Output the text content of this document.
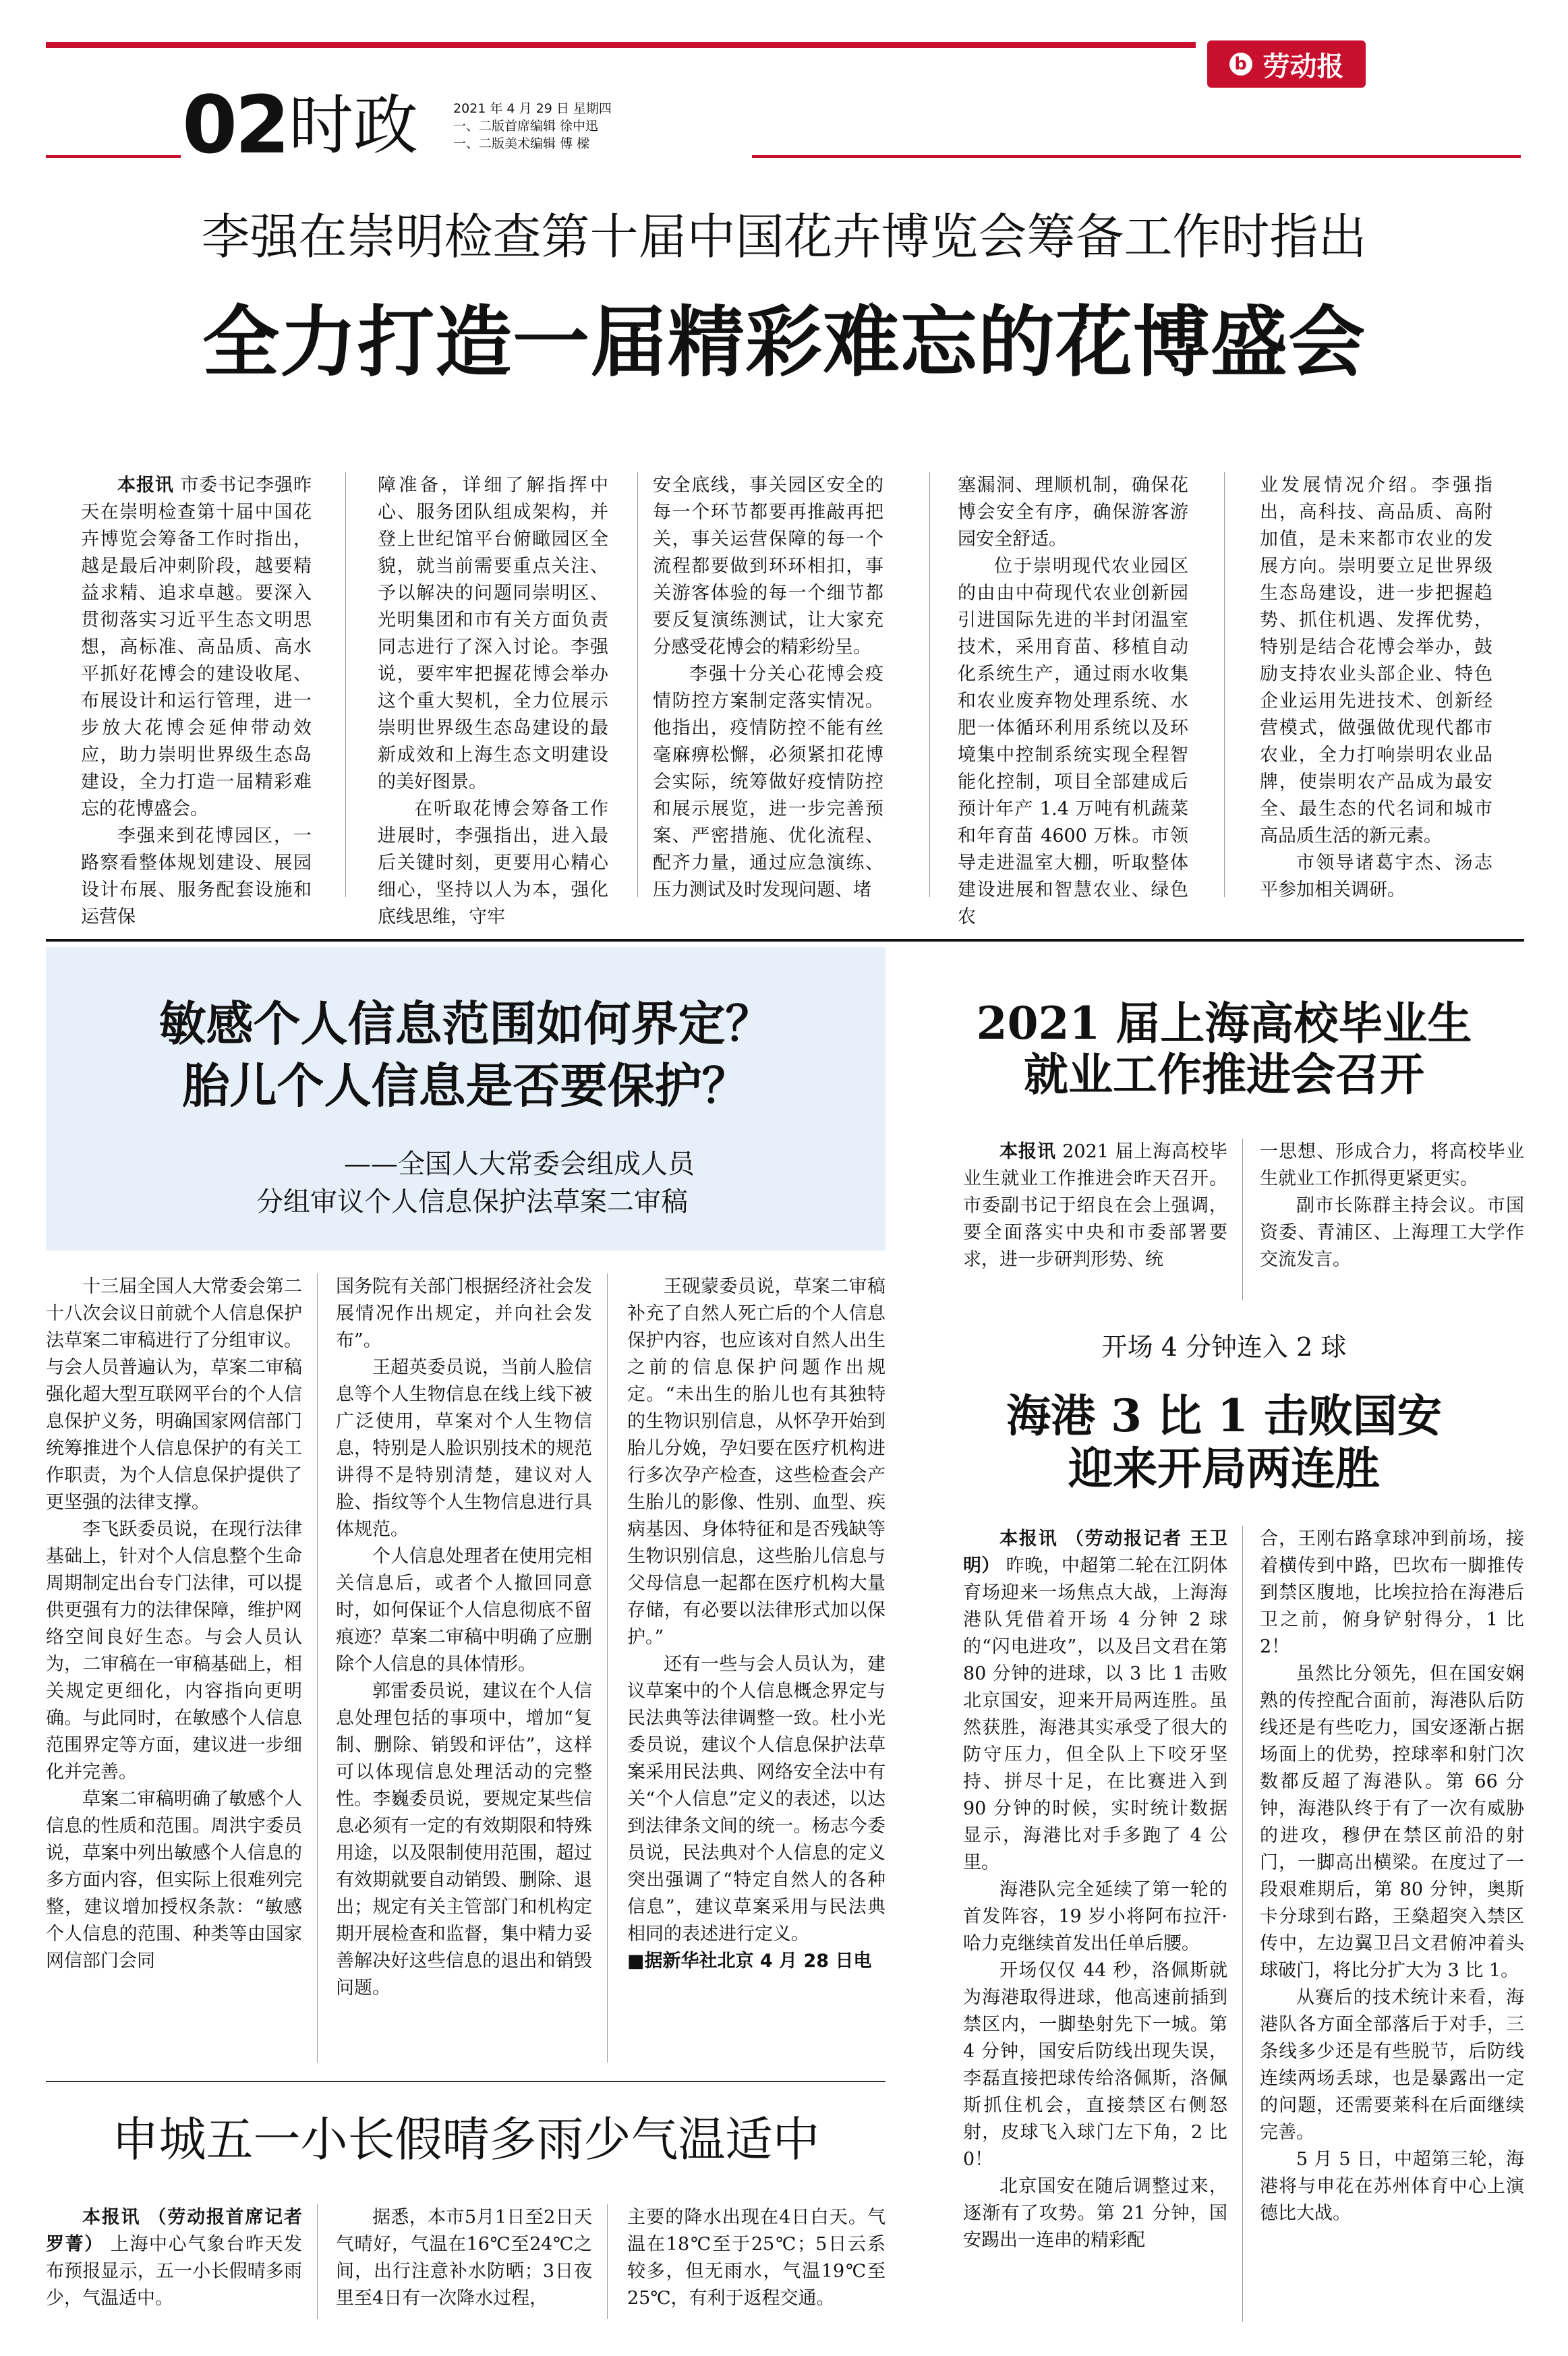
b 劳动报
02 时政	2021 年 4 月 29 日 星期四
一、二版首席编辑 徐中迅
一、二版美术编辑 傅 樑
李强在崇明检查第十届中国花卉博览会筹备工作时指出
全力打造一届精彩难忘的花博盛会

本报讯 市委书记李强昨天在崇明检查第十届中国花卉博览会筹备工作时指出，越是最后冲刺阶段，越要精益求精、追求卓越。要深入贯彻落实习近平生态文明思想，高标准、高品质、高水平抓好花博会的建设收尾、布展设计和运行管理，进一步放大花博会延伸带动效应，助力崇明世界级生态岛建设，全力打造一届精彩难忘的花博盛会。

李强来到花博园区，一路察看整体规划建设、展园设计布展、服务配套设施和运营保

障准备，详细了解指挥中心、服务团队组成架构，并登上世纪馆平台俯瞰园区全貌，就当前需要重点关注、予以解决的问题同崇明区、光明集团和市有关方面负责同志进行了深入讨论。李强说，要牢牢把握花博会举办这个重大契机，全力位展示崇明世界级生态岛建设的最新成效和上海生态文明建设的美好图景。

在听取花博会筹备工作进展时，李强指出，进入最后关键时刻，更要用心精心细心，坚持以人为本，强化底线思维，守牢

安全底线，事关园区安全的每一个环节都要再推敲再把关，事关运营保障的每一个流程都要做到环环相扣，事关游客体验的每一个细节都要反复演练测试，让大家充分感受花博会的精彩纷呈。

李强十分关心花博会疫情防控方案制定落实情况。他指出，疫情防控不能有丝毫麻痹松懈，必须紧扣花博会实际，统筹做好疫情防控和展示展览，进一步完善预案、严密措施、优化流程、配齐力量，通过应急演练、压力测试及时发现问题、堵

塞漏洞、理顺机制，确保花博会安全有序，确保游客游园安全舒适。

位于崇明现代农业园区的由由中荷现代农业创新园引进国际先进的半封闭温室技术，采用育苗、移植自动化系统生产，通过雨水收集和农业废弃物处理系统、水肥一体循环利用系统以及环境集中控制系统实现全程智能化控制，项目全部建成后预计年产 1.4 万吨有机蔬菜和年育苗 4600 万株。市领导走进温室大棚，听取整体建设进展和智慧农业、绿色农

业发展情况介绍。李强指出，高科技、高品质、高附加值，是未来都市农业的发展方向。崇明要立足世界级生态岛建设，进一步把握趋势、抓住机遇、发挥优势，特别是结合花博会举办，鼓励支持农业头部企业、特色企业运用先进技术、创新经营模式，做强做优现代都市农业，全力打响崇明农业品牌，使崇明农产品成为最安全、最生态的代名词和城市高品质生活的新元素。

市领导诸葛宇杰、汤志平参加相关调研。

敏感个人信息范围如何界定？
胎儿个人信息是否要保护？
——全国人大常委会组成人员
分组审议个人信息保护法草案二审稿

十三届全国人大常委会第二十八次会议日前就个人信息保护法草案二审稿进行了分组审议。与会人员普遍认为，草案二审稿强化超大型互联网平台的个人信息保护义务，明确国家网信部门统筹推进个人信息保护的有关工作职责，为个人信息保护提供了更坚强的法律支撑。

李飞跃委员说，在现行法律基础上，针对个人信息整个生命周期制定出台专门法律，可以提供更强有力的法律保障，维护网络空间良好生态。与会人员认为，二审稿在一审稿基础上，相关规定更细化，内容指向更明确。与此同时，在敏感个人信息范围界定等方面，建议进一步细化并完善。

草案二审稿明确了敏感个人信息的性质和范围。周洪宇委员说，草案中列出敏感个人信息的多方面内容，但实际上很难列完整，建议增加授权条款：“敏感个人信息的范围、种类等由国家网信部门会同

国务院有关部门根据经济社会发展情况作出规定，并向社会发布”。

王超英委员说，当前人脸信息等个人生物信息在线上线下被广泛使用，草案对个人生物信息，特别是人脸识别技术的规范讲得不是特别清楚，建议对人脸、指纹等个人生物信息进行具体规范。

个人信息处理者在使用完相关信息后，或者个人撤回同意时，如何保证个人信息彻底不留痕迹？草案二审稿中明确了应删除个人信息的具体情形。

郭雷委员说，建议在个人信息处理包括的事项中，增加“复制、删除、销毁和评估”，这样可以体现信息处理活动的完整性。李巍委员说，要规定某些信息必须有一定的有效期限和特殊用途，以及限制使用范围，超过有效期就要自动销毁、删除、退出；规定有关主管部门和机构定期开展检查和监督，集中精力妥善解决好这些信息的退出和销毁问题。

王砚蒙委员说，草案二审稿补充了自然人死亡后的个人信息保护内容，也应该对自然人出生之前的信息保护问题作出规定。“未出生的胎儿也有其独特的生物识别信息，从怀孕开始到胎儿分娩，孕妇要在医疗机构进行多次孕产检查，这些检查会产生胎儿的影像、性别、血型、疾病基因、身体特征和是否残缺等生物识别信息，这些胎儿信息与父母信息一起都在医疗机构大量存储，有必要以法律形式加以保护。”

还有一些与会人员认为，建议草案中的个人信息概念界定与民法典等法律调整一致。杜小光委员说，建议个人信息保护法草案采用民法典、网络安全法中有关“个人信息”定义的表述，以达到法律条文间的统一。杨志今委员说，民法典对个人信息的定义突出强调了“特定自然人的各种信息”，建议草案采用与民法典相同的表述进行定义。

■据新华社北京 4 月 28 日电

申城五一小长假晴多雨少气温适中

本报讯 （劳动报首席记者 罗菁） 上海中心气象台昨天发布预报显示，五一小长假晴多雨少，气温适中。

据悉，本市5月1日至2日天气晴好，气温在16℃至24℃之间，出行注意补水防晒；3日夜里至4日有一次降水过程，

主要的降水出现在4日白天。气温在18℃至于25℃；5日云系较多，但无雨水，气温19℃至25℃，有利于返程交通。

2021 届上海高校毕业生
就业工作推进会召开

本报讯 2021 届上海高校毕业生就业工作推进会昨天召开。市委副书记于绍良在会上强调，要全面落实中央和市委部署要求，进一步研判形势、统

一思想、形成合力，将高校毕业生就业工作抓得更紧更实。

副市长陈群主持会议。市国资委、青浦区、上海理工大学作交流发言。

开场 4 分钟连入 2 球
海港 3 比 1 击败国安
迎来开局两连胜

本报讯 （劳动报记者 王卫明） 昨晚，中超第二轮在江阴体育场迎来一场焦点大战，上海海港队凭借着开场 4 分钟 2 球的“闪电进攻”，以及吕文君在第 80 分钟的进球，以 3 比 1 击败北京国安，迎来开局两连胜。虽然获胜，海港其实承受了很大的防守压力，但全队上下咬牙坚持、拼尽十足，在比赛进入到 90 分钟的时候，实时统计数据显示，海港比对手多跑了 4 公里。

海港队完全延续了第一轮的首发阵容，19 岁小将阿布拉汗·哈力克继续首发出任单后腰。

开场仅仅 44 秒，洛佩斯就为海港取得进球，他高速前插到禁区内，一脚垫射先下一城。第 4 分钟，国安后防线出现失误，李磊直接把球传给洛佩斯，洛佩斯抓住机会，直接禁区右侧怒射，皮球飞入球门左下角，2 比 0！

北京国安在随后调整过来，逐渐有了攻势。第 21 分钟，国安踢出一连串的精彩配

合，王刚右路拿球冲到前场，接着横传到中路，巴坎布一脚推传到禁区腹地，比埃拉拾在海港后卫之前，俯身铲射得分，1 比 2！

虽然比分领先，但在国安娴熟的传控配合面前，海港队后防线还是有些吃力，国安逐渐占据场面上的优势，控球率和射门次数都反超了海港队。第 66 分钟，海港队终于有了一次有威胁的进攻，穆伊在禁区前沿的射门，一脚高出横梁。在度过了一段艰难期后，第 80 分钟，奥斯卡分球到右路，王燊超突入禁区传中，左边翼卫吕文君俯冲着头球破门，将比分扩大为 3 比 1。

从赛后的技术统计来看，海港队各方面全部落后于对手，三条线多少还是有些脱节，后防线连续两场丢球，也是暴露出一定的问题，还需要莱科在后面继续完善。

5 月 5 日，中超第三轮，海港将与申花在苏州体育中心上演德比大战。
